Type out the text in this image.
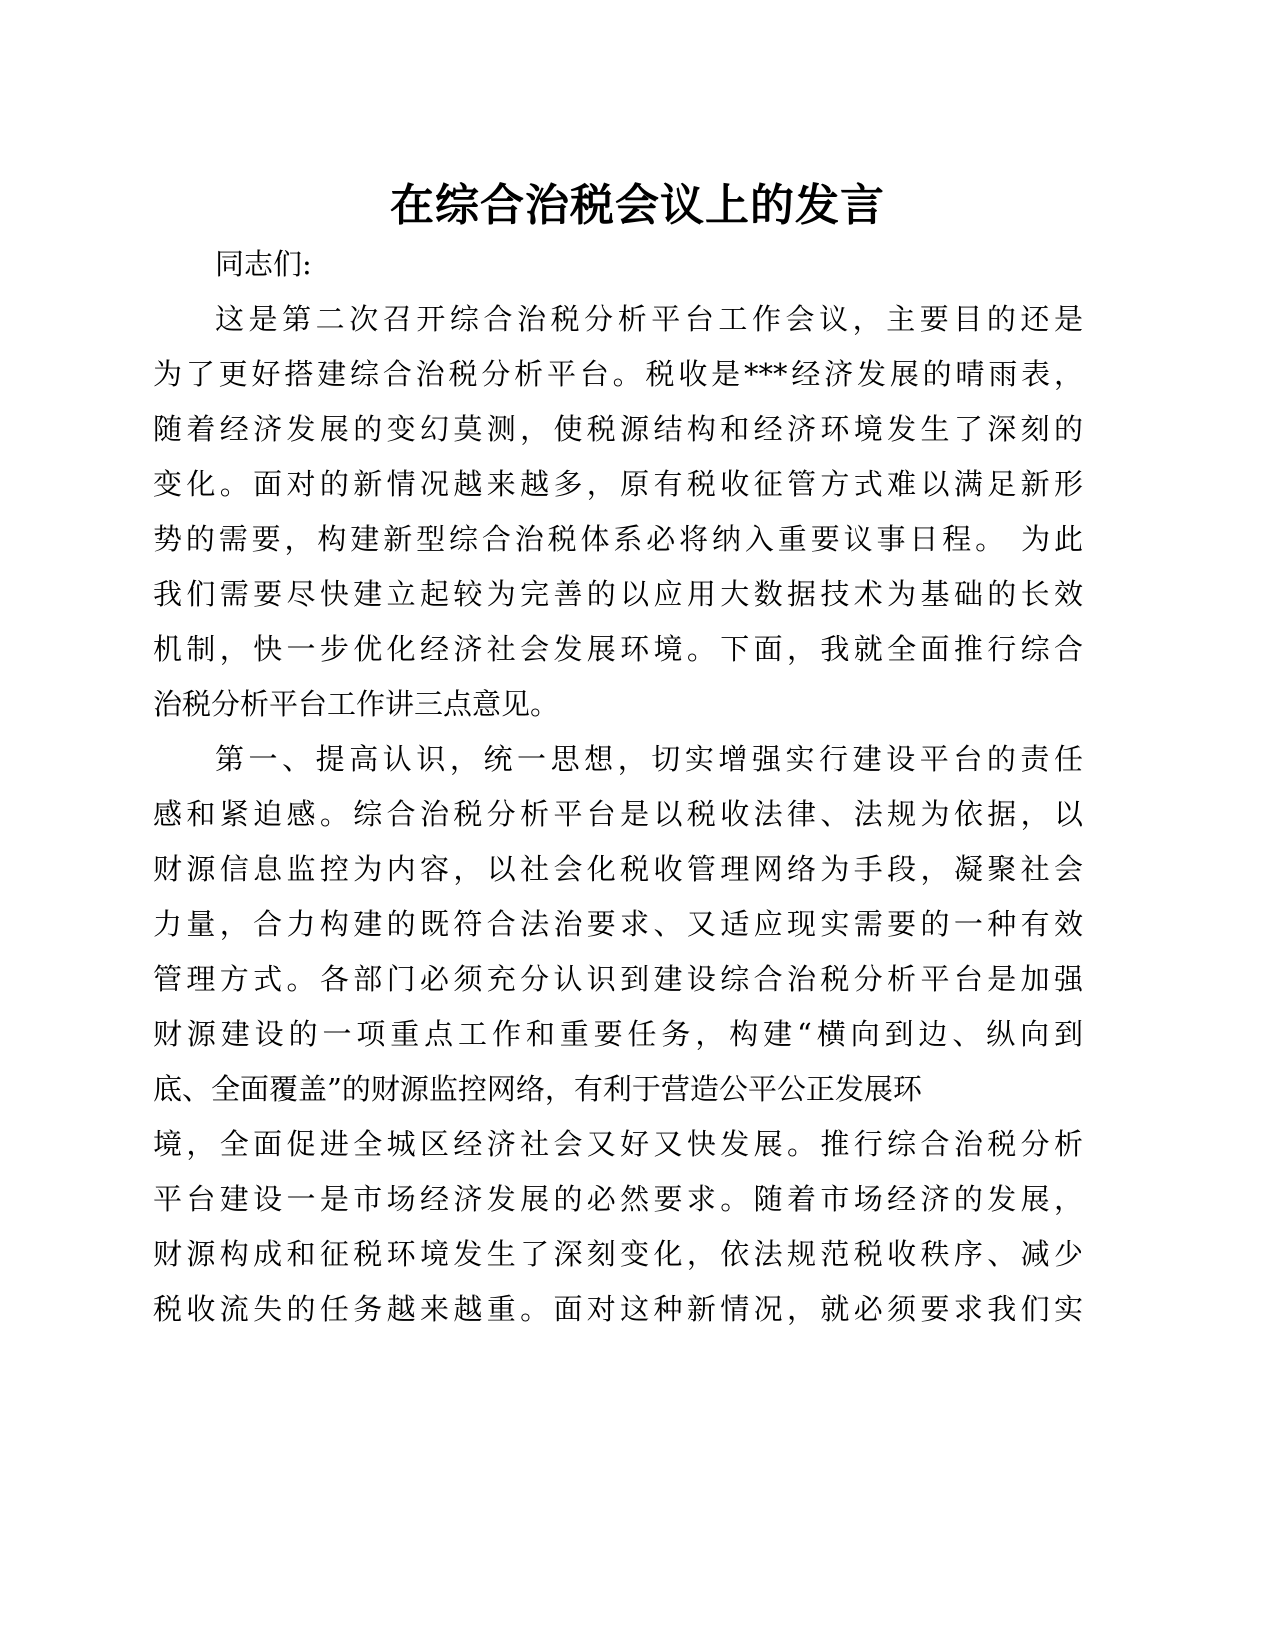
在综合治税会议上的发言
同志们:
这是第二次召开综合治税分析平台工作会议，主要目的还是
为了更好搭建综合治税分析平台。税收是***经济发展的晴雨表，
随着经济发展的变幻莫测，使税源结构和经济环境发生了深刻的
变化。面对的新情况越来越多，原有税收征管方式难以满足新形
势的需要，构建新型综合治税体系必将纳入重要议事日程。 为此
我们需要尽快建立起较为完善的以应用大数据技术为基础的长效
机制，快一步优化经济社会发展环境。下面，我就全面推行综合
治税分析平台工作讲三点意见。
第一、提高认识，统一思想，切实增强实行建设平台的责任
感和紧迫感。综合治税分析平台是以税收法律、法规为依据，以
财源信息监控为内容，以社会化税收管理网络为手段，凝聚社会
力量，合力构建的既符合法治要求、又适应现实需要的一种有效
管理方式。各部门必须充分认识到建设综合治税分析平台是加强
财源建设的一项重点工作和重要任务，构建“横向到边、纵向到
底、全面覆盖”的财源监控网络，有利于营造公平公正发展环
境，全面促进全城区经济社会又好又快发展。推行综合治税分析
平台建设一是市场经济发展的必然要求。随着市场经济的发展，
财源构成和征税环境发生了深刻变化，依法规范税收秩序、减少
税收流失的任务越来越重。面对这种新情况，就必须要求我们实
